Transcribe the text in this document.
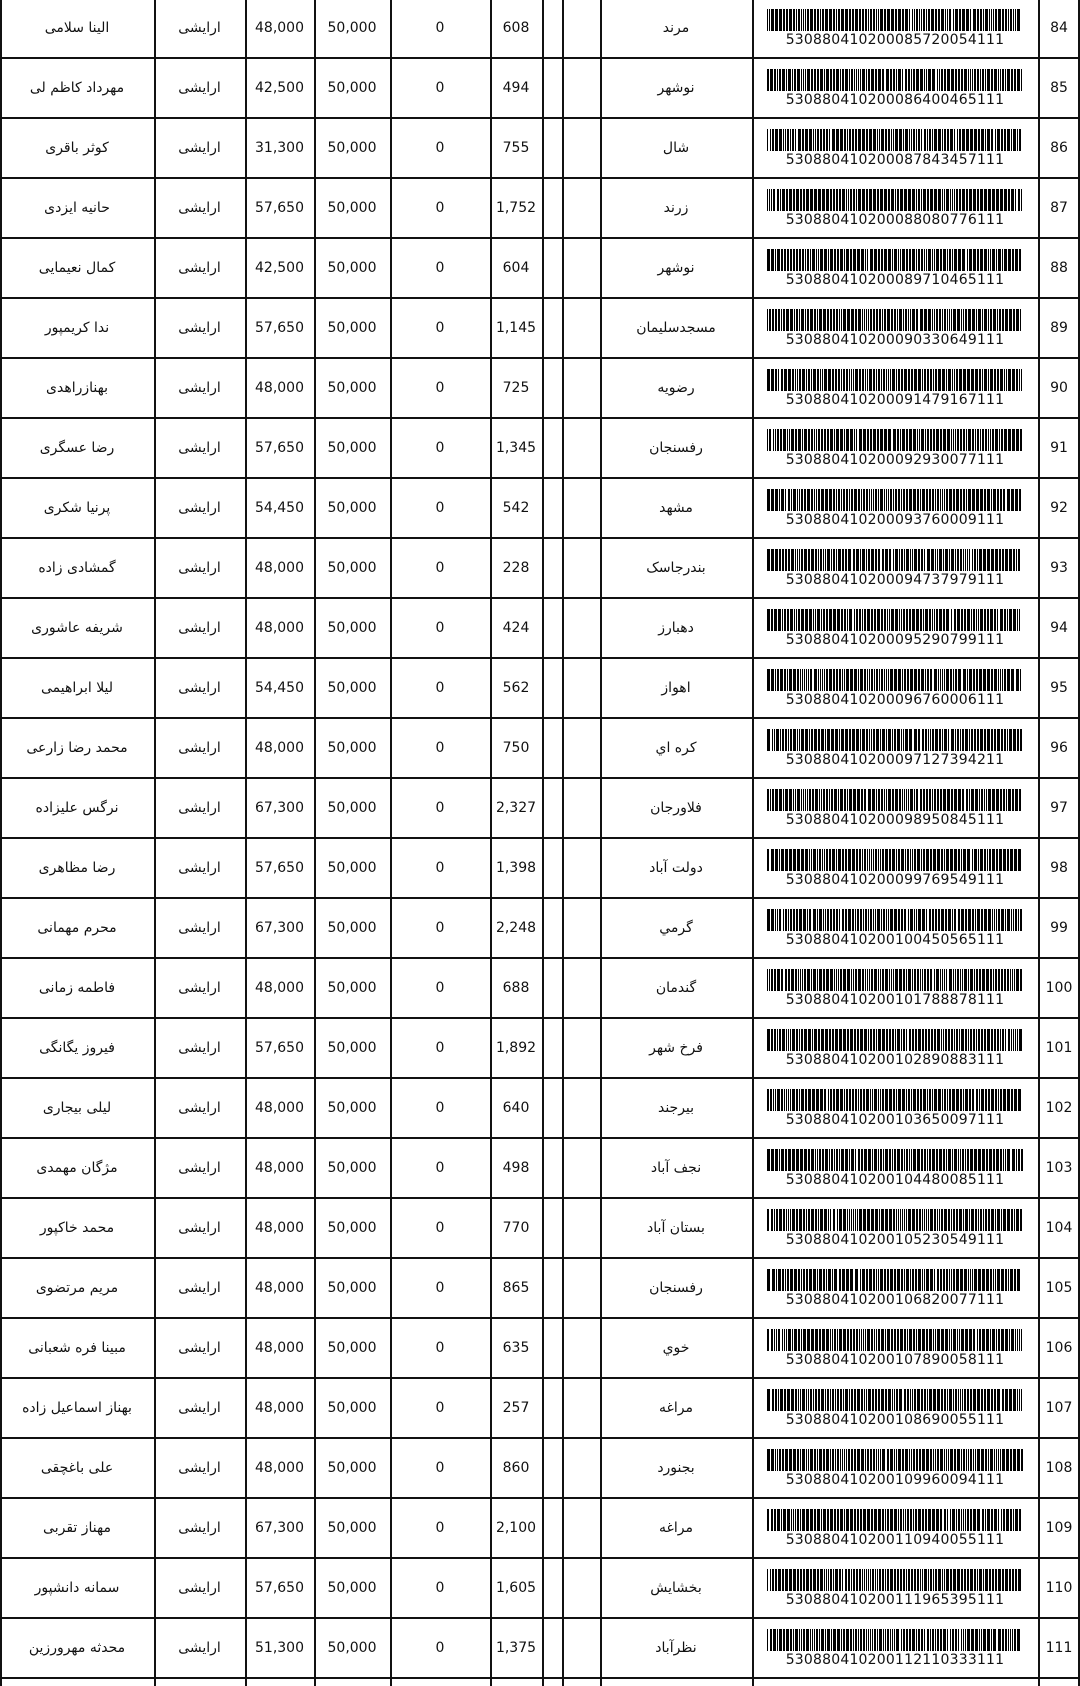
84
530880410200085720054111
مرند
608
0
50,000
48,000
ارایشی
الینا سلامی
85
530880410200086400465111
نوشهر
494
0
50,000
42,500
ارایشی
مهرداد کاظم لی
86
530880410200087843457111
شال
755
0
50,000
31,300
ارایشی
کوثر باقری
87
530880410200088080776111
زرند
1,752
0
50,000
57,650
ارایشی
حانیه ایزدی
88
530880410200089710465111
نوشهر
604
0
50,000
42,500
ارایشی
کمال نعیمایی
89
530880410200090330649111
مسجدسلیمان
1,145
0
50,000
57,650
ارایشی
ندا کریمپور
90
530880410200091479167111
رضویه
725
0
50,000
48,000
ارایشی
بهنازراهدی
91
530880410200092930077111
رفسنجان
1,345
0
50,000
57,650
ارایشی
رضا عسگری
92
530880410200093760009111
مشهد
542
0
50,000
54,450
ارایشی
پرنیا شکری
93
530880410200094737979111
بندرجاسک
228
0
50,000
48,000
ارایشی
گمشادی زاده
94
530880410200095290799111
دهبارز
424
0
50,000
48,000
ارایشی
شریفه عاشوری
95
530880410200096760006111
اهواز
562
0
50,000
54,450
ارایشی
لیلا ابراهیمی
96
530880410200097127394211
کره اي
750
0
50,000
48,000
ارایشی
محمد رضا زارعی
97
530880410200098950845111
فلاورجان
2,327
0
50,000
67,300
ارایشی
نرگس علیزاده
98
530880410200099769549111
دولت آباد
1,398
0
50,000
57,650
ارایشی
رضا مظاهری
99
530880410200100450565111
گرمي
2,248
0
50,000
67,300
ارایشی
محرم مهمانی
100
530880410200101788878111
گندمان
688
0
50,000
48,000
ارایشی
فاطمه زمانی
101
530880410200102890883111
فرخ شهر
1,892
0
50,000
57,650
ارایشی
فیروز یگانگی
102
530880410200103650097111
بیرجند
640
0
50,000
48,000
ارایشی
لیلی بیجاری
103
530880410200104480085111
نجف آباد
498
0
50,000
48,000
ارایشی
مژگان مهمدی
104
530880410200105230549111
بستان آباد
770
0
50,000
48,000
ارایشی
محمد خاکپور
105
530880410200106820077111
رفسنجان
865
0
50,000
48,000
ارایشی
مریم مرتضوی
106
530880410200107890058111
خوي
635
0
50,000
48,000
ارایشی
مبینا فره شعبانی
107
530880410200108690055111
مراغه
257
0
50,000
48,000
ارایشی
بهناز اسماعیل زاده
108
530880410200109960094111
بجنورد
860
0
50,000
48,000
ارایشی
علی باغچقی
109
530880410200110940055111
مراغه
2,100
0
50,000
67,300
ارایشی
مهناز تقربی
110
530880410200111965395111
بخشایش
1,605
0
50,000
57,650
ارایشی
سمانه دانشپور
111
530880410200112110333111
نظرآباد
1,375
0
50,000
51,300
ارایشی
محدثه مهرورزین
